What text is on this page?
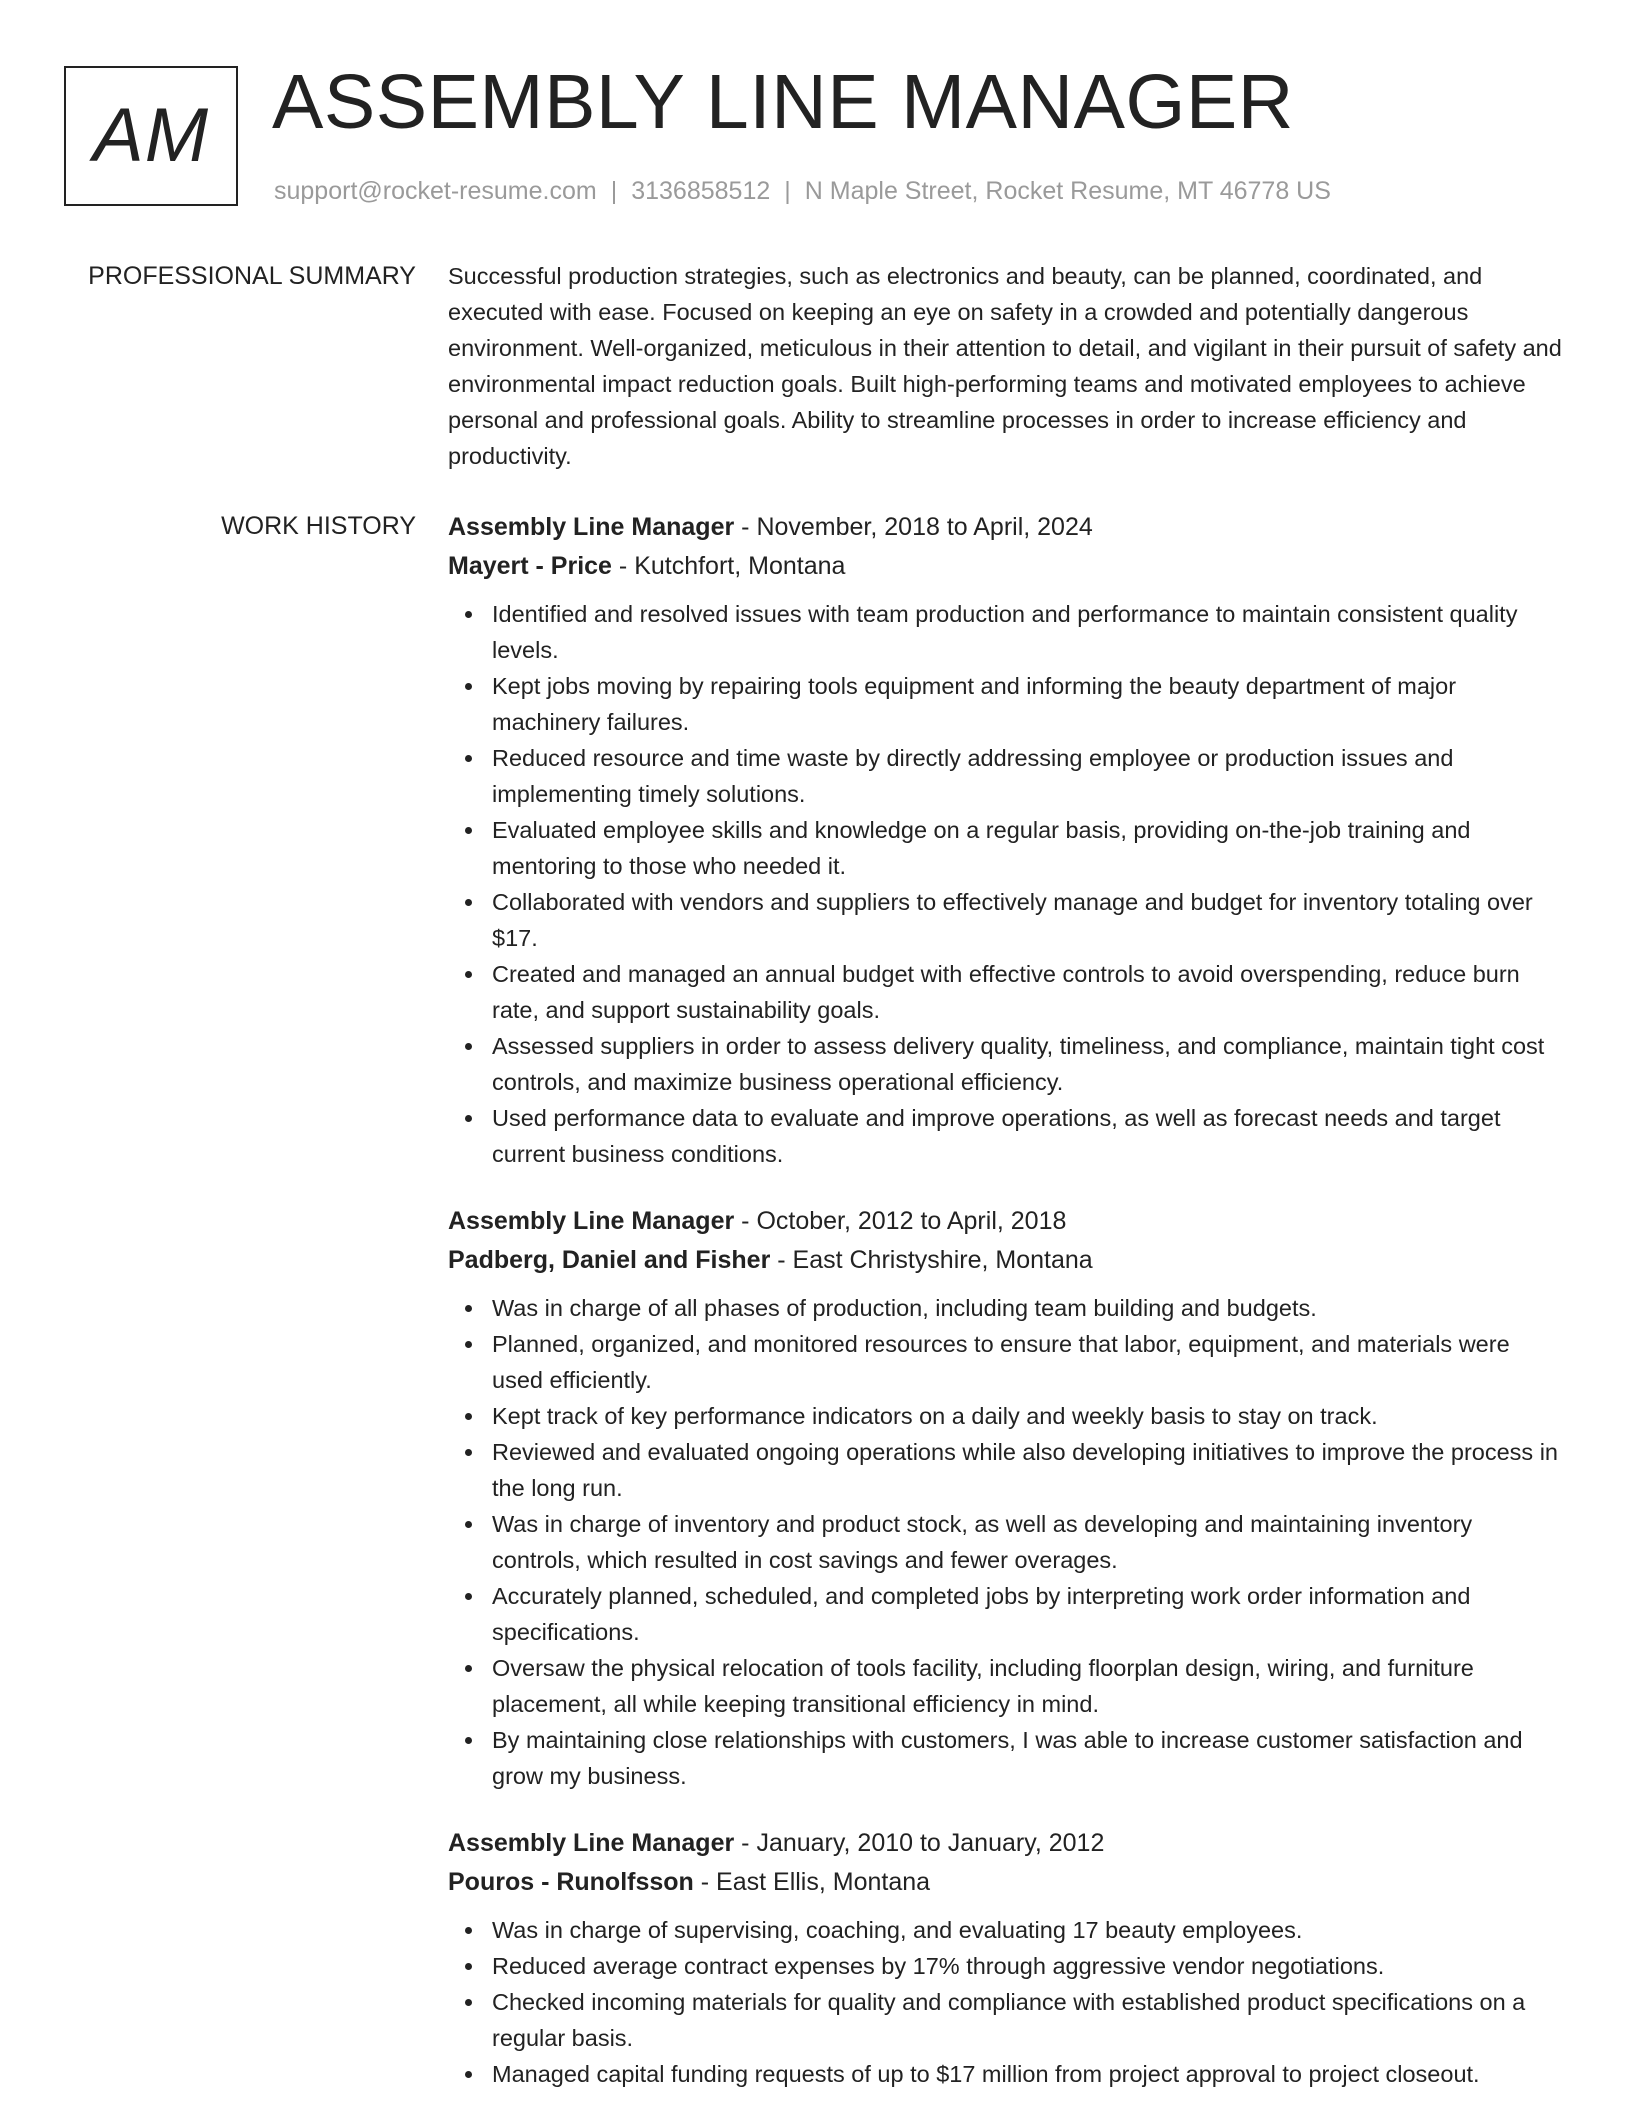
AM ASSEMBLY LINE MANAGER
support@rocket-resume.com | 3136858512 | N Maple Street, Rocket Resume, MT 46778 US
PROFESSIONAL SUMMARY Successful production strategies, such as electronics and beauty, can be planned, coordinated, and executed with ease. Focused on keeping an eye on safety in a crowded and potentially dangerous environment. Well-organized, meticulous in their attention to detail, and vigilant in their pursuit of safety and environmental impact reduction goals. Built high-performing teams and motivated employees to achieve personal and professional goals. Ability to streamline processes in order to increase efficiency and productivity.

WORK HISTORY Assembly Line Manager - November, 2018 to April, 2024
Mayert - Price - Kutchfort, Montana
Identified and resolved issues with team production and performance to maintain consistent quality levels.
Kept jobs moving by repairing tools equipment and informing the beauty department of major machinery failures.
Reduced resource and time waste by directly addressing employee or production issues and implementing timely solutions.
Evaluated employee skills and knowledge on a regular basis, providing on-the-job training and mentoring to those who needed it.
Collaborated with vendors and suppliers to effectively manage and budget for inventory totaling over $17.
Created and managed an annual budget with effective controls to avoid overspending, reduce burn rate, and support sustainability goals.
Assessed suppliers in order to assess delivery quality, timeliness, and compliance, maintain tight cost controls, and maximize business operational efficiency.
Used performance data to evaluate and improve operations, as well as forecast needs and target current business conditions.
Assembly Line Manager - October, 2012 to April, 2018
Padberg, Daniel and Fisher - East Christyshire, Montana
Was in charge of all phases of production, including team building and budgets.
Planned, organized, and monitored resources to ensure that labor, equipment, and materials were used efficiently.
Kept track of key performance indicators on a daily and weekly basis to stay on track.
Reviewed and evaluated ongoing operations while also developing initiatives to improve the process in the long run.
Was in charge of inventory and product stock, as well as developing and maintaining inventory controls, which resulted in cost savings and fewer overages.
Accurately planned, scheduled, and completed jobs by interpreting work order information and specifications.
Oversaw the physical relocation of tools facility, including floorplan design, wiring, and furniture placement, all while keeping transitional efficiency in mind.
By maintaining close relationships with customers, I was able to increase customer satisfaction and grow my business.
Assembly Line Manager - January, 2010 to January, 2012
Pouros - Runolfsson - East Ellis, Montana
Was in charge of supervising, coaching, and evaluating 17 beauty employees.
Reduced average contract expenses by 17% through aggressive vendor negotiations.
Checked incoming materials for quality and compliance with established product specifications on a regular basis.
Managed capital funding requests of up to $17 million from project approval to project closeout.
